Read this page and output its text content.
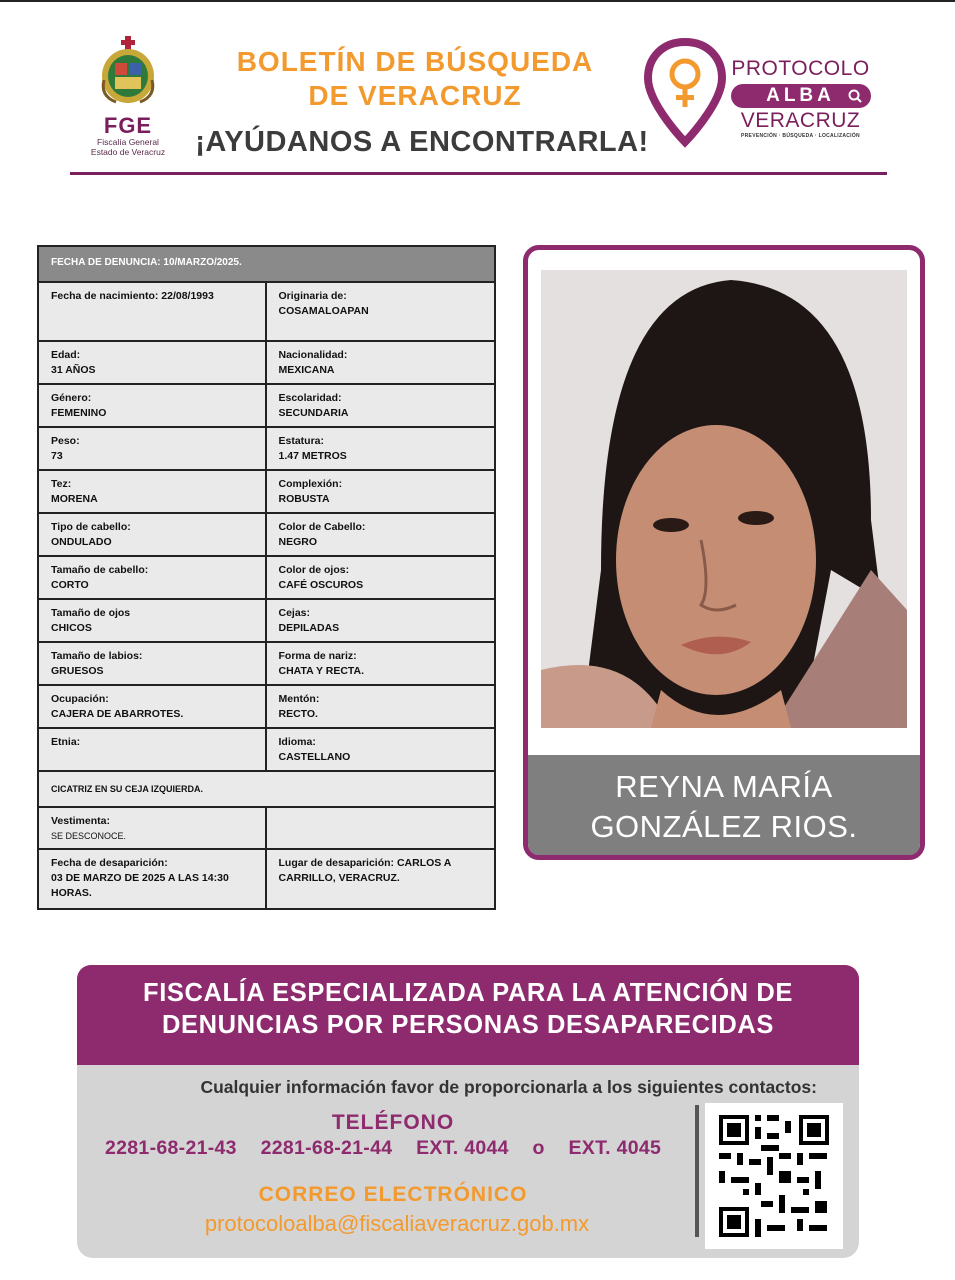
FGE
Fiscalía General
Estado de Veracruz
BOLETÍN DE BÚSQUEDA
DE VERACRUZ
¡AYÚDANOS A ENCONTRARLA!
PROTOCOLO
ALBA
VERACRUZ
PREVENCIÓN · BÚSQUEDA · LOCALIZACIÓN
FECHA DE DENUNCIA: 10/MARZO/2025.
Fecha de nacimiento: 22/08/1993	Originaria de:
COSAMALOAPAN
Edad:
31 AÑOS
Nacionalidad:
MEXICANA
Género:
FEMENINO
Escolaridad:
SECUNDARIA
Peso:
73
Estatura:
1.47 METROS
Tez:
MORENA
Complexión:
ROBUSTA
Tipo de cabello:
ONDULADO
Color de Cabello:
NEGRO
Tamaño de cabello:
CORTO
Color de ojos:
CAFÉ OSCUROS
Tamaño de ojos
CHICOS
Cejas:
DEPILADAS
Tamaño de labios:
GRUESOS
Forma de nariz:
CHATA Y RECTA.
Ocupación:
CAJERA DE ABARROTES.
Mentón:
RECTO.
Etnia:	Idioma:
CASTELLANO
CICATRIZ EN SU CEJA IZQUIERDA.
Vestimenta:
SE DESCONOCE.
Fecha de desaparición:
03 DE MARZO DE 2025 A LAS 14:30 HORAS.
Lugar de desaparición: CARLOS A CARRILLO, VERACRUZ.
REYNA MARÍA
GONZÁLEZ RIOS.
FISCALÍA ESPECIALIZADA PARA LA ATENCIÓN DE
DENUNCIAS POR PERSONAS DESAPARECIDAS
Cualquier información favor de proporcionarla a los siguientes contactos:
TELÉFONO
2281-68-21-43 2281-68-21-44 EXT. 4044 o EXT. 4045
CORREO ELECTRÓNICO
protocoloalba@fiscaliaveracruz.gob.mx
